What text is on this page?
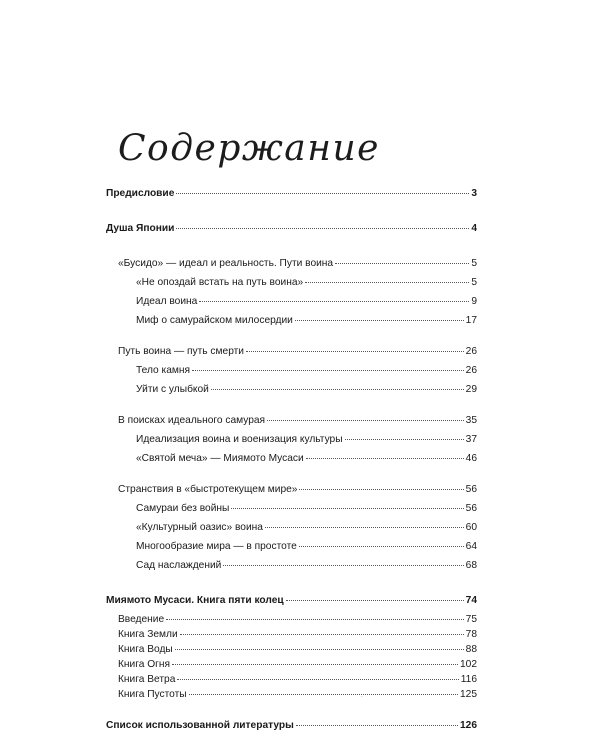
Содержание
Предисловие	3
Душа Японии	4
«Бусидо» — идеал и реальность. Пути воина	5
«Не опоздай встать на путь воина»	5
Идеал воина	9
Миф о самурайском милосердии	17
Путь воина — путь смерти	26
Тело камня	26
Уйти с улыбкой	29
В поисках идеального самурая	35
Идеализация воина и военизация культуры	37
«Святой меча» — Миямото Мусаси	46
Странствия в «быстротекущем мире»	56
Самураи без войны	56
«Культурный оазис» воина	60
Многообразие мира — в простоте	64
Сад наслаждений	68
Миямото Мусаси. Книга пяти колец	74
Введение	75
Книга Земли	78
Книга Воды	88
Книга Огня	102
Книга Ветра	116
Книга Пустоты	125
Список использованной литературы	126
.
